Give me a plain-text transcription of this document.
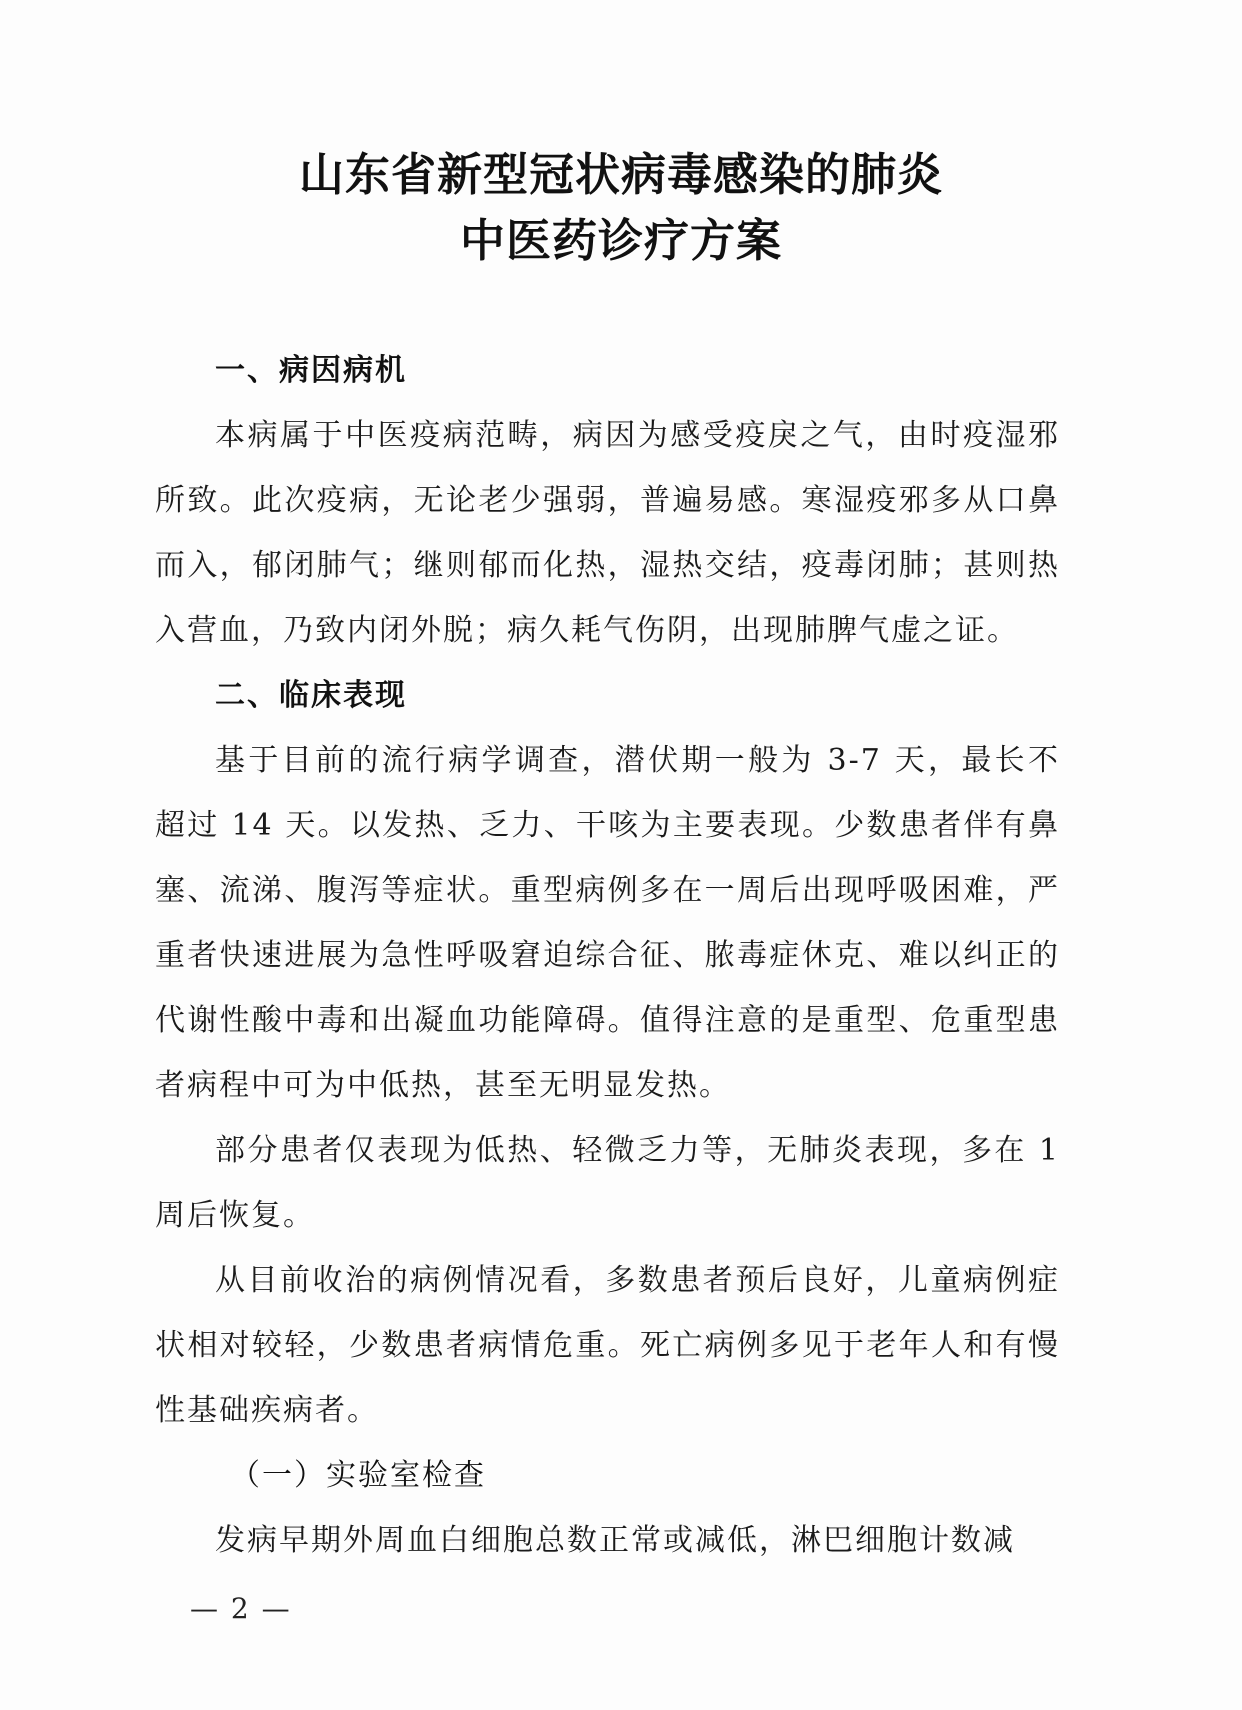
山东省新型冠状病毒感染的肺炎
中医药诊疗方案
一、病因病机

本病属于中医疫病范畴，病因为感受疫戾之气，由时疫湿邪所致。此次疫病，无论老少强弱，普遍易感。寒湿疫邪多从口鼻而入，郁闭肺气；继则郁而化热，湿热交结，疫毒闭肺；甚则热入营血，乃致内闭外脱；病久耗气伤阴，出现肺脾气虚之证。

二、临床表现

基于目前的流行病学调查，潜伏期一般为 3-7 天，最长不超过 14 天。以发热、乏力、干咳为主要表现。少数患者伴有鼻塞、流涕、腹泻等症状。重型病例多在一周后出现呼吸困难，严重者快速进展为急性呼吸窘迫综合征、脓毒症休克、难以纠正的代谢性酸中毒和出凝血功能障碍。值得注意的是重型、危重型患者病程中可为中低热，甚至无明显发热。

部分患者仅表现为低热、轻微乏力等，无肺炎表现，多在 1 周后恢复。

从目前收治的病例情况看，多数患者预后良好，儿童病例症状相对较轻，少数患者病情危重。死亡病例多见于老年人和有慢性基础疾病者。

（一）实验室检查

发病早期外周血白细胞总数正常或减低，淋巴细胞计数减

— 2 —
